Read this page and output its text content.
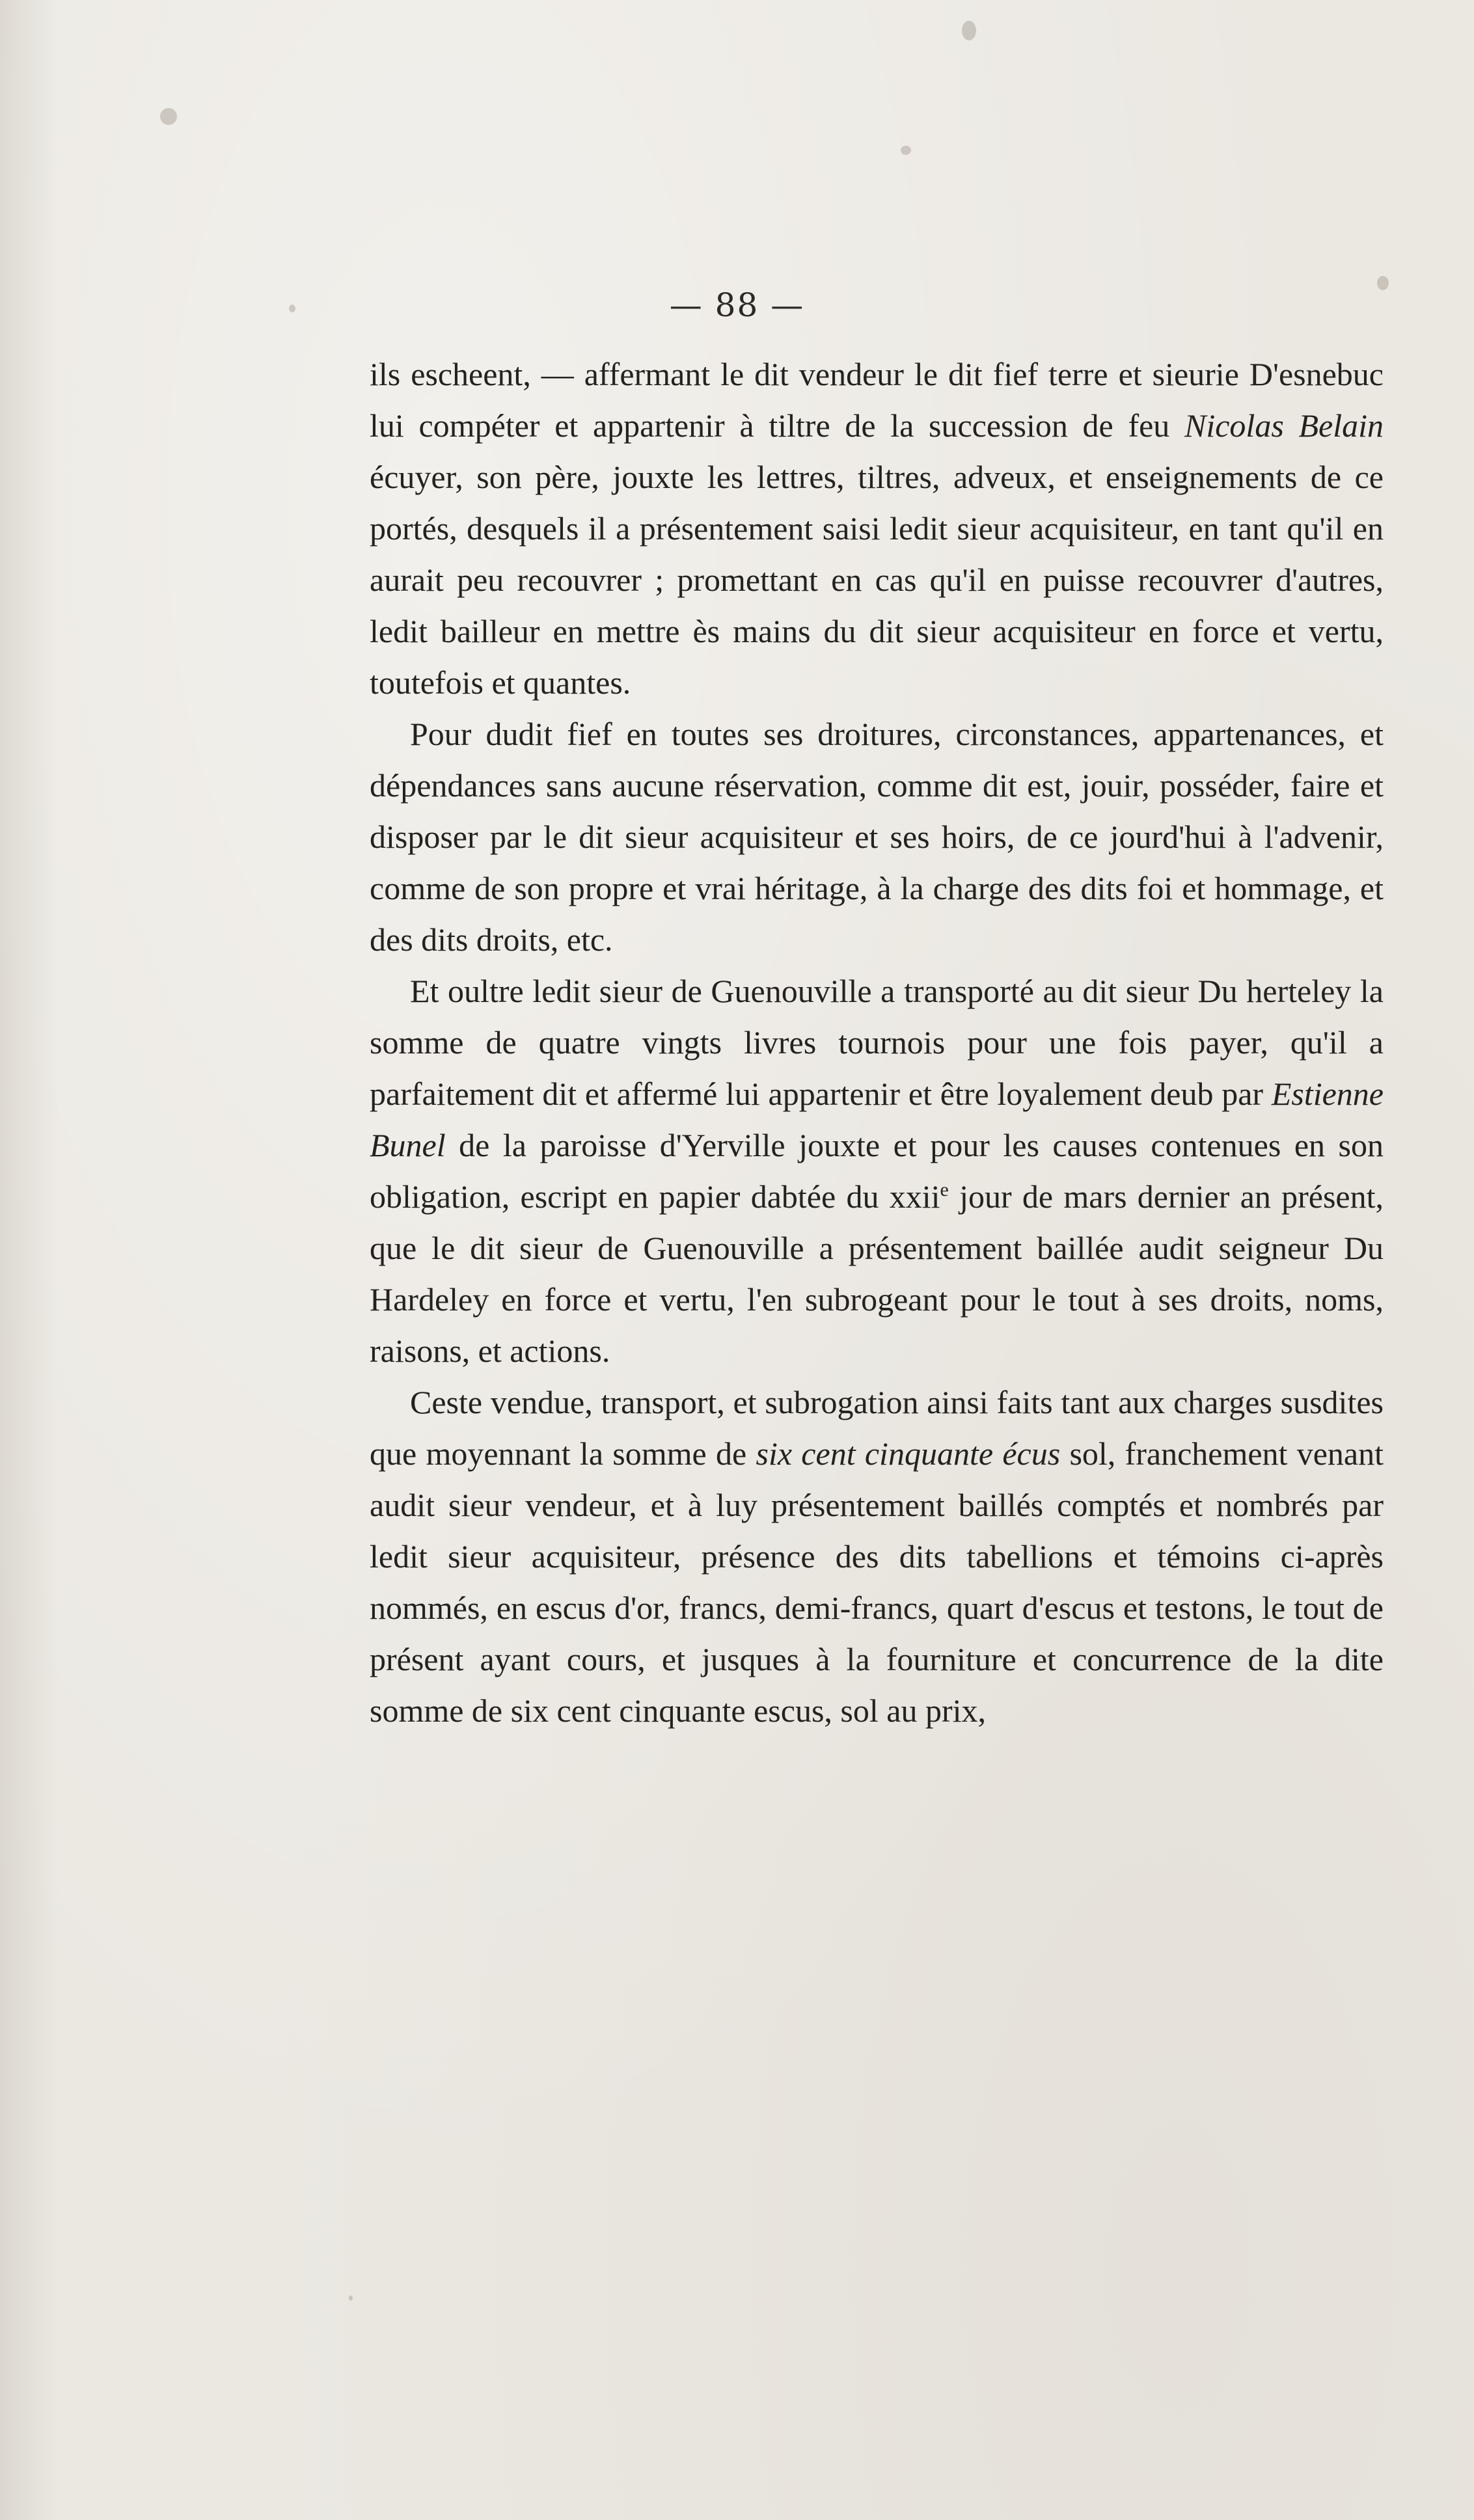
— 88 —

ils escheent, — affermant le dit vendeur le dit fief terre et sieurie D'esnebuc lui compéter et appartenir à tiltre de la succession de feu Nicolas Belain écuyer, son père, jouxte les lettres, tiltres, adveux, et enseignements de ce portés, desquels il a présentement saisi ledit sieur acquisiteur, en tant qu'il en aurait peu recouvrer ; promettant en cas qu'il en puisse recouvrer d'autres, ledit bailleur en mettre ès mains du dit sieur acquisiteur en force et vertu, toutefois et quantes.

Pour dudit fief en toutes ses droitures, circonstances, appartenances, et dépendances sans aucune réservation, comme dit est, jouir, posséder, faire et disposer par le dit sieur acquisiteur et ses hoirs, de ce jourd'hui à l'advenir, comme de son propre et vrai héritage, à la charge des dits foi et hommage, et des dits droits, etc.

Et oultre ledit sieur de Guenouville a transporté au dit sieur Du herteley la somme de quatre vingts livres tournois pour une fois payer, qu'il a parfaitement dit et affermé lui appartenir et être loyalement deub par Estienne Bunel de la paroisse d'Yerville jouxte et pour les causes contenues en son obligation, escript en papier dabtée du xxii$^e$ jour de mars dernier an présent, que le dit sieur de Guenouville a présentement baillée audit seigneur Du Hardeley en force et vertu, l'en subrogeant pour le tout à ses droits, noms, raisons, et actions.

Ceste vendue, transport, et subrogation ainsi faits tant aux charges susdites que moyennant la somme de six cent cinquante écus sol, franchement venant audit sieur vendeur, et à luy présentement baillés comptés et nombrés par ledit sieur acquisiteur, présence des dits tabellions et témoins ci-après nommés, en escus d'or, francs, demi-francs, quart d'escus et testons, le tout de présent ayant cours, et jusques à la fourniture et concurrence de la dite somme de six cent cinquante escus, sol au prix,
